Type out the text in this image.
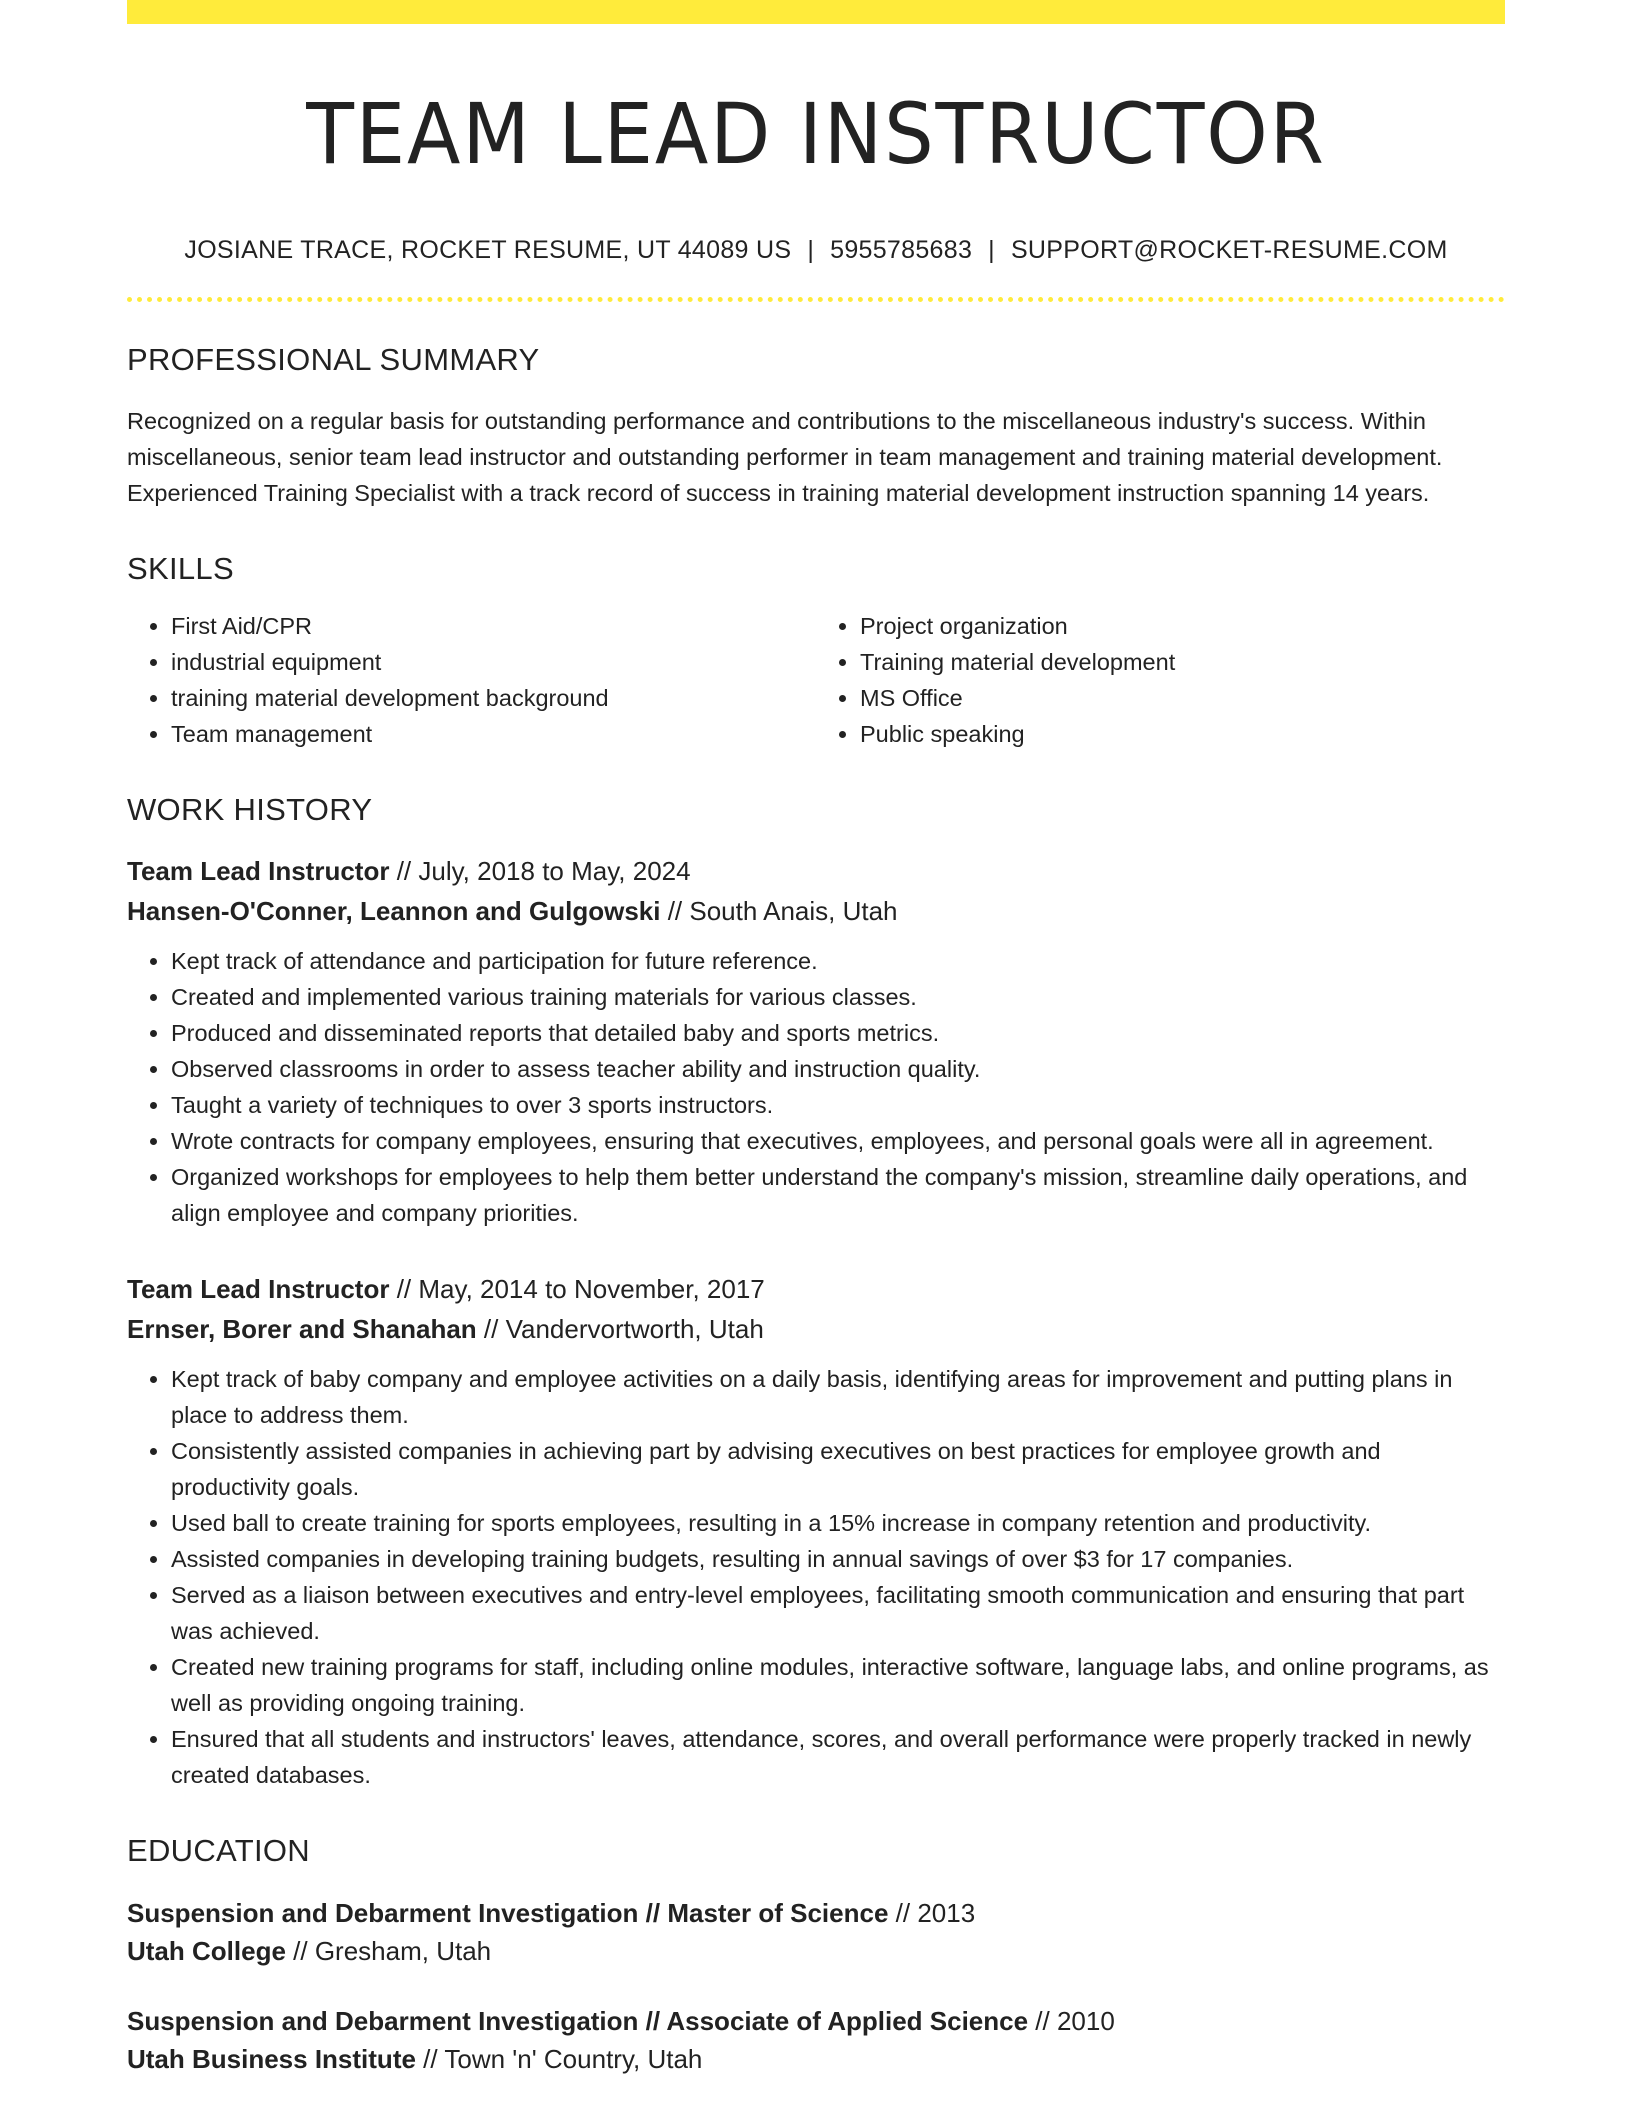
TEAM LEAD INSTRUCTOR
JOSIANE TRACE, ROCKET RESUME, UT 44089 US | 5955785683 | SUPPORT@ROCKET-RESUME.COM
PROFESSIONAL SUMMARY
Recognized on a regular basis for outstanding performance and contributions to the miscellaneous industry's success. Within miscellaneous, senior team lead instructor and outstanding performer in team management and training material development. Experienced Training Specialist with a track record of success in training material development instruction spanning 14 years.
SKILLS
• First Aid/CPR
• industrial equipment
• training material development background
• Team management
• Project organization
• Training material development
• MS Office
• Public speaking
WORK HISTORY
Team Lead Instructor // July, 2018 to May, 2024
Hansen-O'Conner, Leannon and Gulgowski // South Anais, Utah
• Kept track of attendance and participation for future reference.
• Created and implemented various training materials for various classes.
• Produced and disseminated reports that detailed baby and sports metrics.
• Observed classrooms in order to assess teacher ability and instruction quality.
• Taught a variety of techniques to over 3 sports instructors.
• Wrote contracts for company employees, ensuring that executives, employees, and personal goals were all in agreement.
• Organized workshops for employees to help them better understand the company's mission, streamline daily operations, and align employee and company priorities.
Team Lead Instructor // May, 2014 to November, 2017
Ernser, Borer and Shanahan // Vandervortworth, Utah
• Kept track of baby company and employee activities on a daily basis, identifying areas for improvement and putting plans in place to address them.
• Consistently assisted companies in achieving part by advising executives on best practices for employee growth and productivity goals.
• Used ball to create training for sports employees, resulting in a 15% increase in company retention and productivity.
• Assisted companies in developing training budgets, resulting in annual savings of over $3 for 17 companies.
• Served as a liaison between executives and entry-level employees, facilitating smooth communication and ensuring that part was achieved.
• Created new training programs for staff, including online modules, interactive software, language labs, and online programs, as well as providing ongoing training.
• Ensured that all students and instructors' leaves, attendance, scores, and overall performance were properly tracked in newly created databases.
EDUCATION
Suspension and Debarment Investigation // Master of Science // 2013
Utah College // Gresham, Utah
Suspension and Debarment Investigation // Associate of Applied Science // 2010
Utah Business Institute // Town 'n' Country, Utah
